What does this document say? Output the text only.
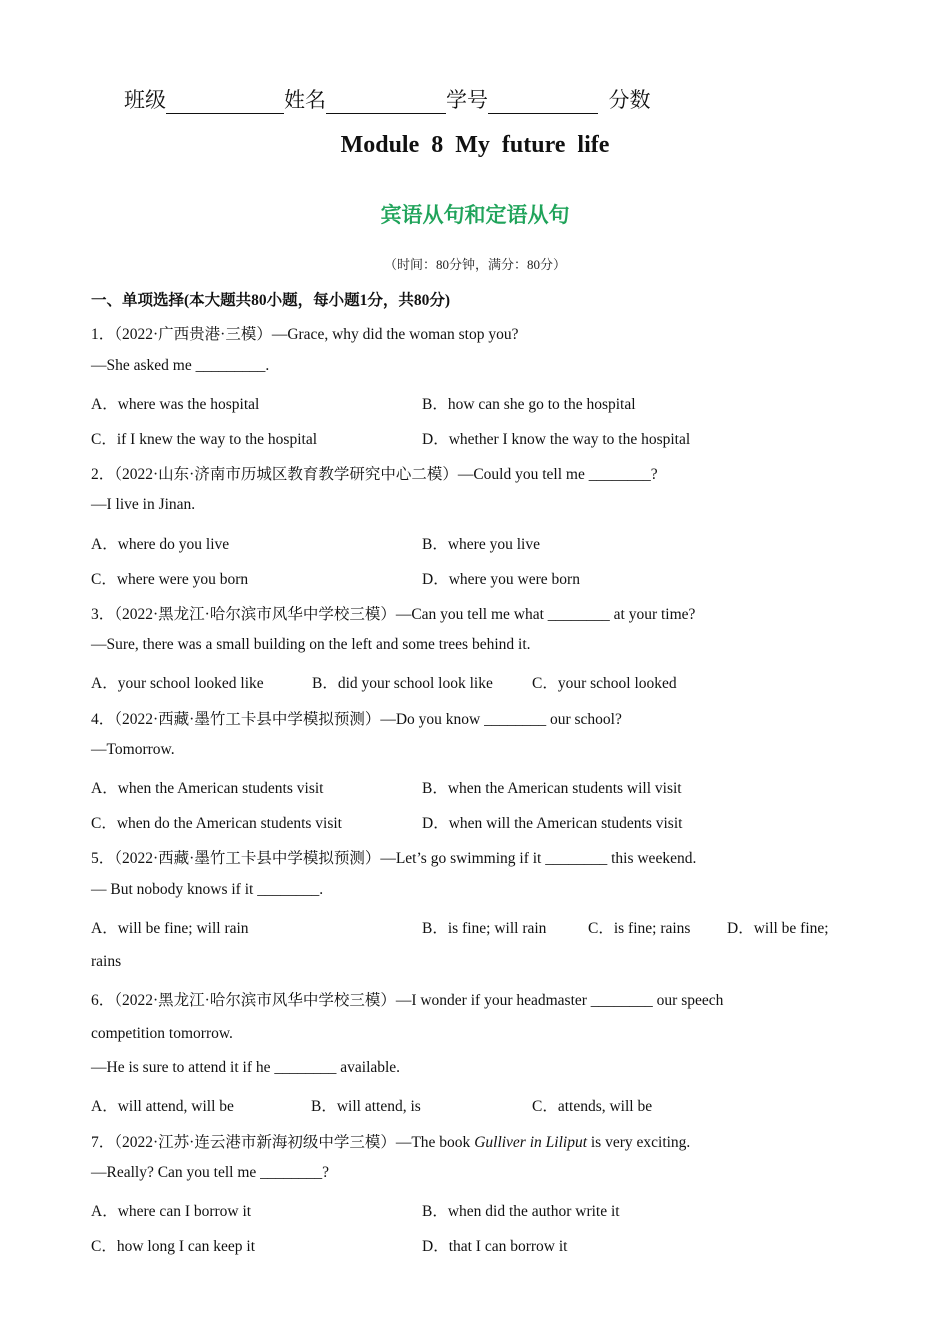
班级	姓名	学号	分数
Module 8 My future life
宾语从句和定语从句
（时间：80分钟，满分：80分）
一、单项选择(本大题共80小题，每小题1分，共80分)
1．（2022·广西贵港·三模）—Grace, why did the woman stop you?
—She asked me _________.
A．where was the hospital	B．how can she go to the hospital
C．if I knew the way to the hospital	D．whether I know the way to the hospital
2．（2022·山东·济南市历城区教育教学研究中心二模）—Could you tell me ________?
—I live in Jinan.
A．where do you live	B．where you live
C．where were you born	D．where you were born
3．（2022·黑龙江·哈尔滨市风华中学校三模）—Can you tell me what ________ at your time?
—Sure, there was a small building on the left and some trees behind it.
A．your school looked like	B．did your school look like	C．your school looked
4．（2022·西藏·墨竹工卡县中学模拟预测）—Do you know ________ our school?
—Tomorrow.
A．when the American students visit	B．when the American students will visit
C．when do the American students visit	D．when will the American students visit
5．（2022·西藏·墨竹工卡县中学模拟预测）—Let’s go swimming if it ________ this weekend.
— But nobody knows if it ________.
A．will be fine; will rain	B．is fine; will rain	C．is fine; rains D．will be fine;
rains
6．（2022·黑龙江·哈尔滨市风华中学校三模）—I wonder if your headmaster ________ our speech
competition tomorrow.
—He is sure to attend it if he ________ available.
A．will attend, will be	B．will attend, is	C．attends, will be
7．（2022·江苏·连云港市新海初级中学三模）—The book Gulliver in Liliput is very exciting.
—Really? Can you tell me ________?
A．where can I borrow it	B．when did the author write it
C．how long I can keep it	D．that I can borrow it
